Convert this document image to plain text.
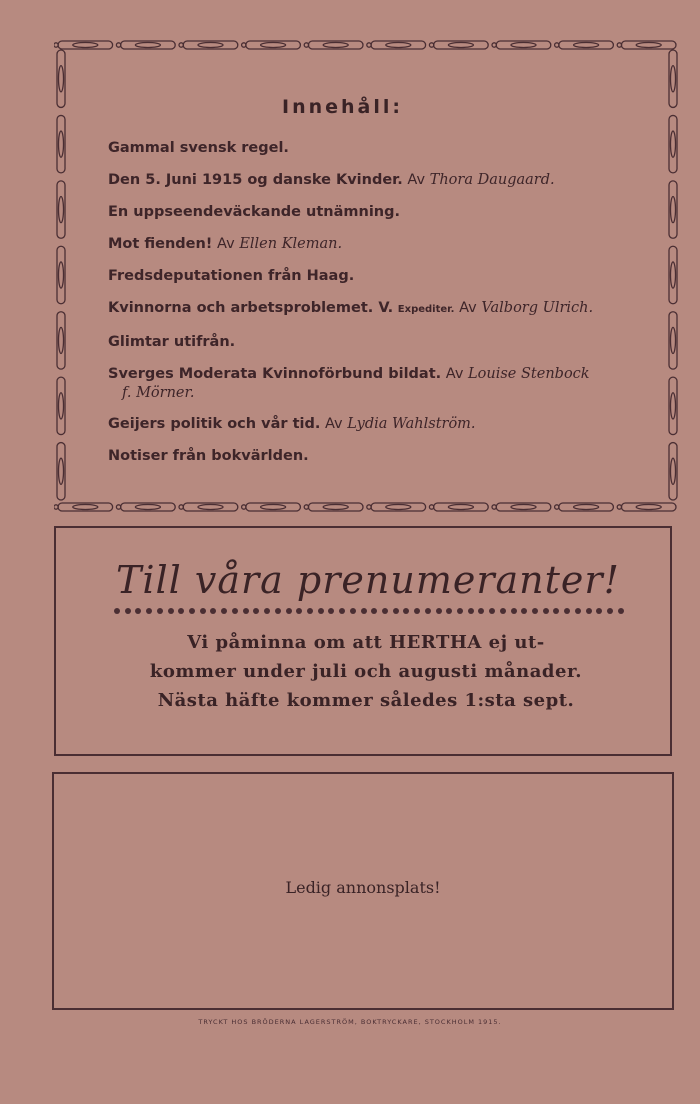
Innehåll:
Gammal svensk regel.
Den 5. Juni 1915 og danske Kvinder. Av Thora Daugaard.
En uppseendeväckande utnämning.
Mot fienden! Av Ellen Kleman.
Fredsdeputationen från Haag.
Kvinnorna och arbetsproblemet. V. Expediter. Av Valborg Ulrich.
Glimtar utifrån.
Sverges Moderata Kvinnoförbund bildat. Av Louise Stenbock
f. Mörner.
Geijers politik och vår tid. Av Lydia Wahlström.
Notiser från bokvärlden.
Till våra prenumeranter!
Vi påminna om att HERTHA ej ut-
kommer under juli och augusti månader.
Nästa häfte kommer således 1:sta sept.
Ledig annonsplats!
TRYCKT HOS BRÖDERNA LAGERSTRÖM, BOKTRYCKARE, STOCKHOLM 1915.
